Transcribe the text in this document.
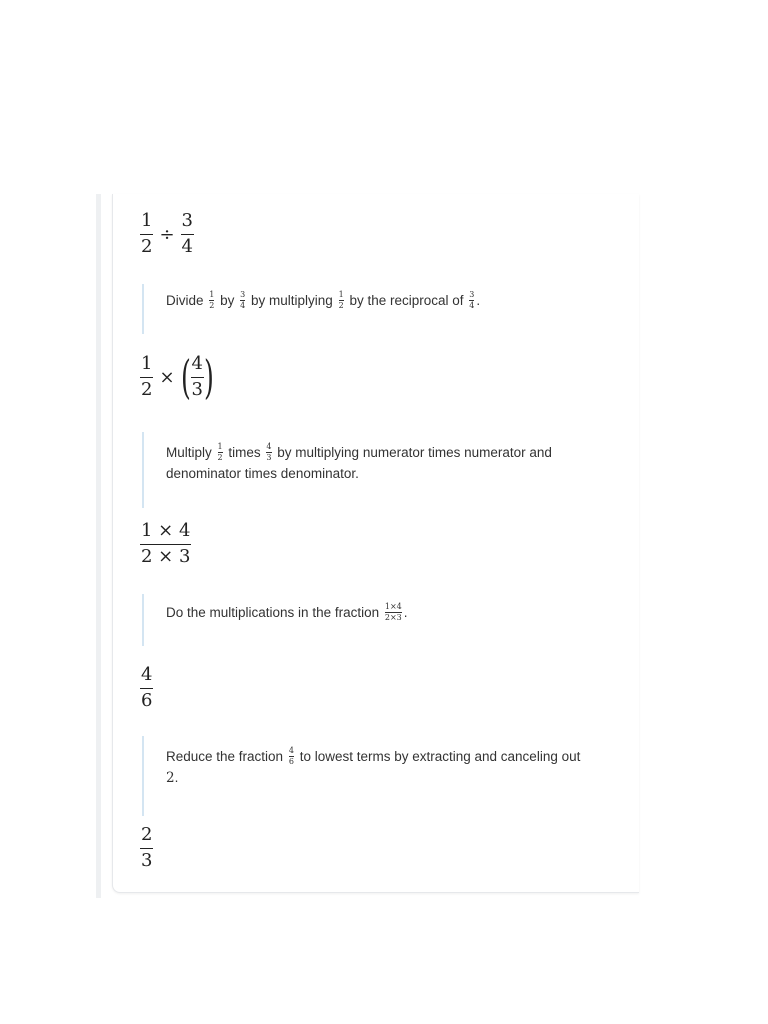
1
2
÷
3
4
Divide $\frac{1}{2}$ by $\frac{3}{4}$ by multiplying $\frac{1}{2}$ by the reciprocal of $\frac{3}{4}$ .
1
2
× ( 4
3 )
Multiply $\frac{1}{2}$ times $\frac{4}{3}$ by multiplying numerator times numerator and
denominator times denominator.
1 × 4
2 × 3
Do the multiplications in the fraction $\frac{1\times 4}{2\times 3}$ .
4
6
Reduce the fraction $\frac{4}{6}$ to lowest terms by extracting and canceling out
2.
2
3
